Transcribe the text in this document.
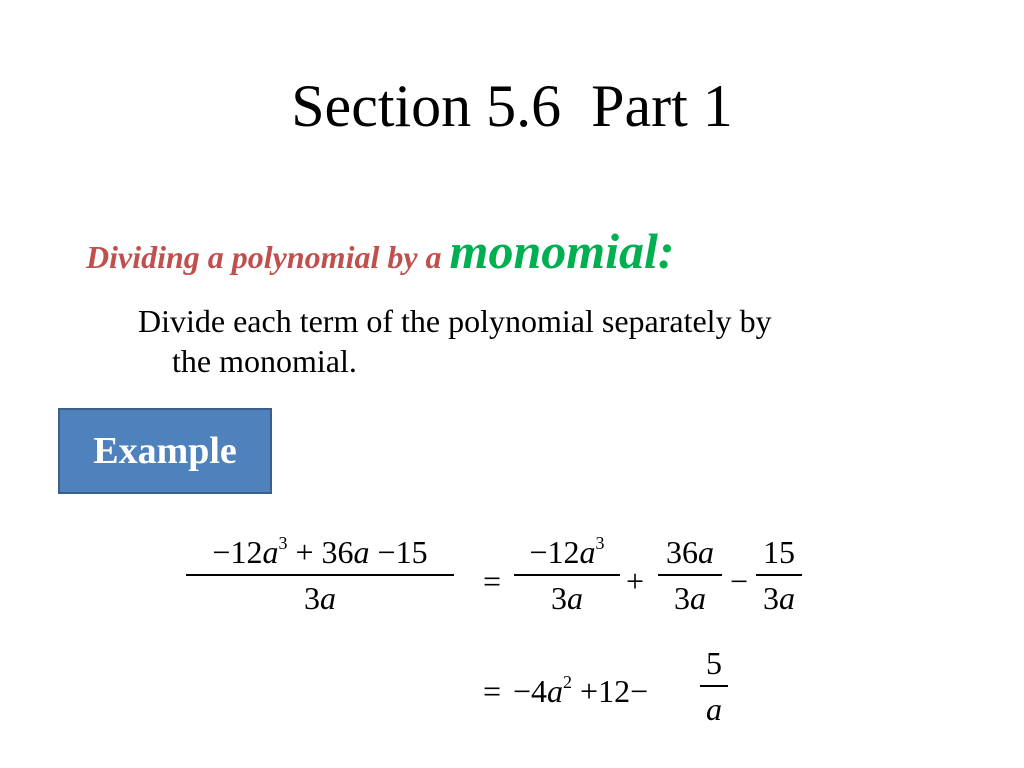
Section 5.6  Part 1
Dividing a polynomial by a monomial:
Divide each term of the polynomial separately by
the monomial.
Example
$-12a^3 + 36a -15$
3a	=
$-12a^3$
3a	+
36a
3a −
15
3a
= $-4a^2 +12-$
5
a
